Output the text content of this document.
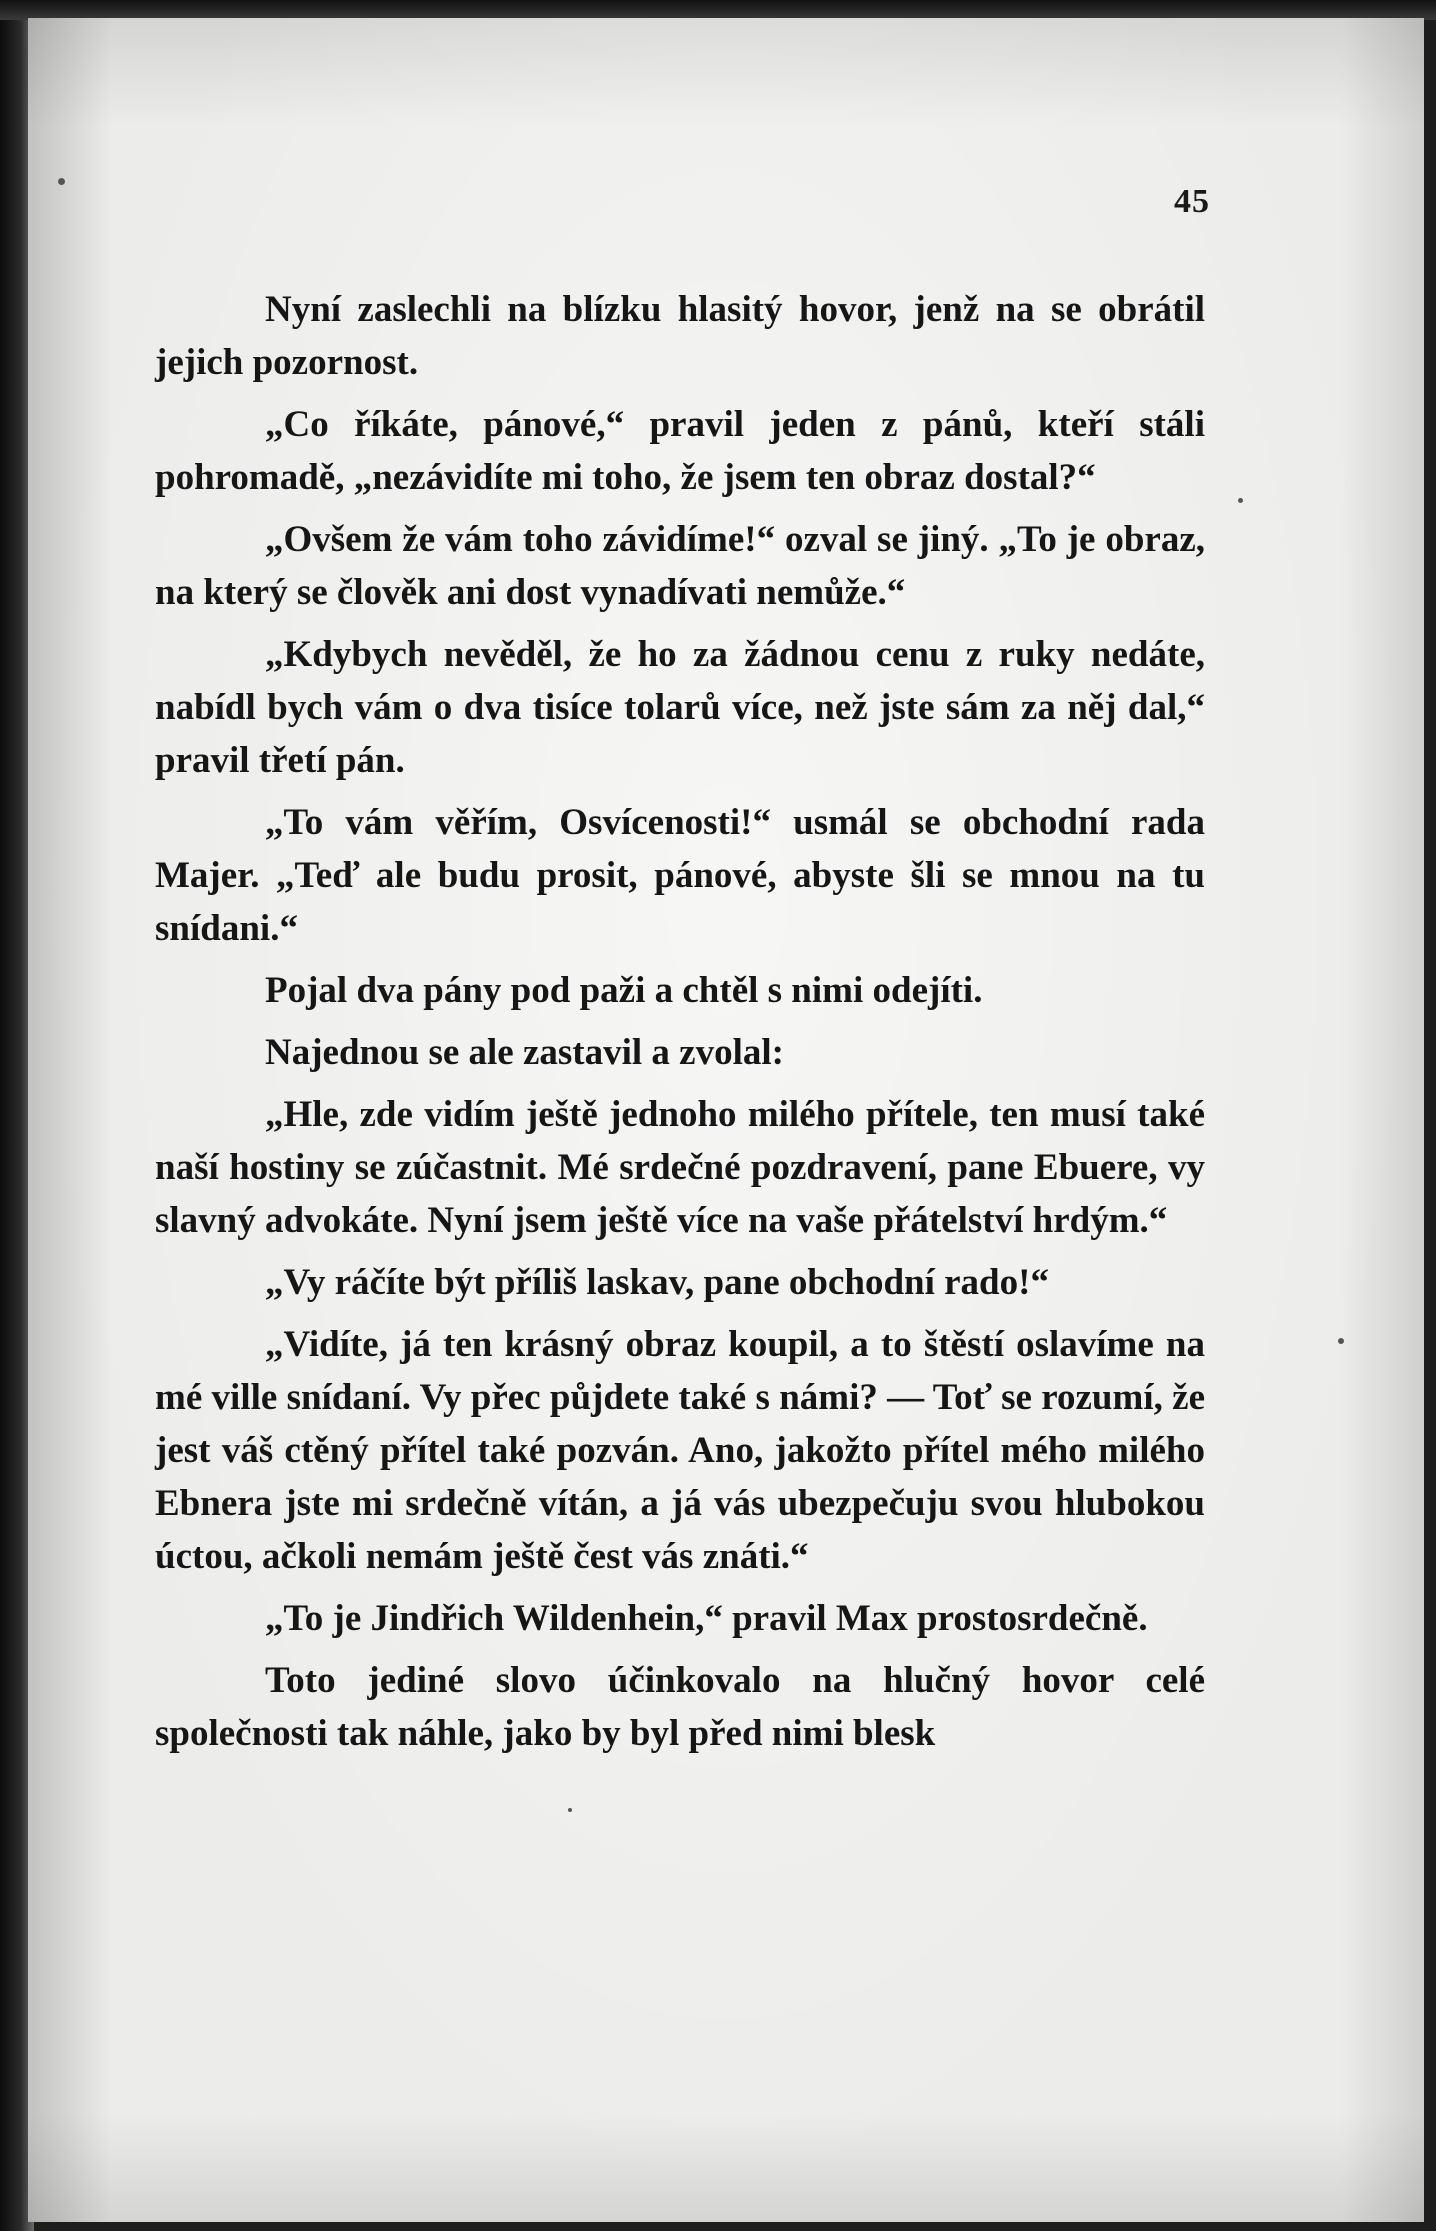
45

Nyní zaslechli na blízku hlasitý hovor, jenž na se obrátil jejich pozornost.

„Co říkáte, pánové,“ pravil jeden z pánů, kteří stáli pohromadě, „nezávidíte mi toho, že jsem ten obraz dostal?“

„Ovšem že vám toho závidíme!“ ozval se jiný. „To je obraz, na který se člověk ani dost vynadívati nemůže.“

„Kdybych nevěděl, že ho za žádnou cenu z ruky nedáte, nabídl bych vám o dva tisíce tolarů více, než jste sám za něj dal,“ pravil třetí pán.

„To vám věřím, Osvícenosti!“ usmál se obchodní rada Majer. „Teď ale budu prosit, pánové, abyste šli se mnou na tu snídani.“

Pojal dva pány pod paži a chtěl s nimi odejíti.

Najednou se ale zastavil a zvolal:

„Hle, zde vidím ještě jednoho milého přítele, ten musí také naší hostiny se zúčastnit. Mé srdečné pozdravení, pane Ebuere, vy slavný advokáte. Nyní jsem ještě více na vaše přátelství hrdým.“

„Vy ráčíte být příliš laskav, pane obchodní rado!“

„Vidíte, já ten krásný obraz koupil, a to štěstí oslavíme na mé ville snídaní. Vy přec půjdete také s námi? — Toť se rozumí, že jest váš ctěný přítel také pozván. Ano, jakožto přítel mého milého Ebnera jste mi srdečně vítán, a já vás ubezpečuju svou hlubokou úctou, ačkoli nemám ještě čest vás znáti.“

„To je Jindřich Wildenhein,“ pravil Max prostosrdečně.

Toto jediné slovo účinkovalo na hlučný hovor celé společnosti tak náhle, jako by byl před nimi blesk
